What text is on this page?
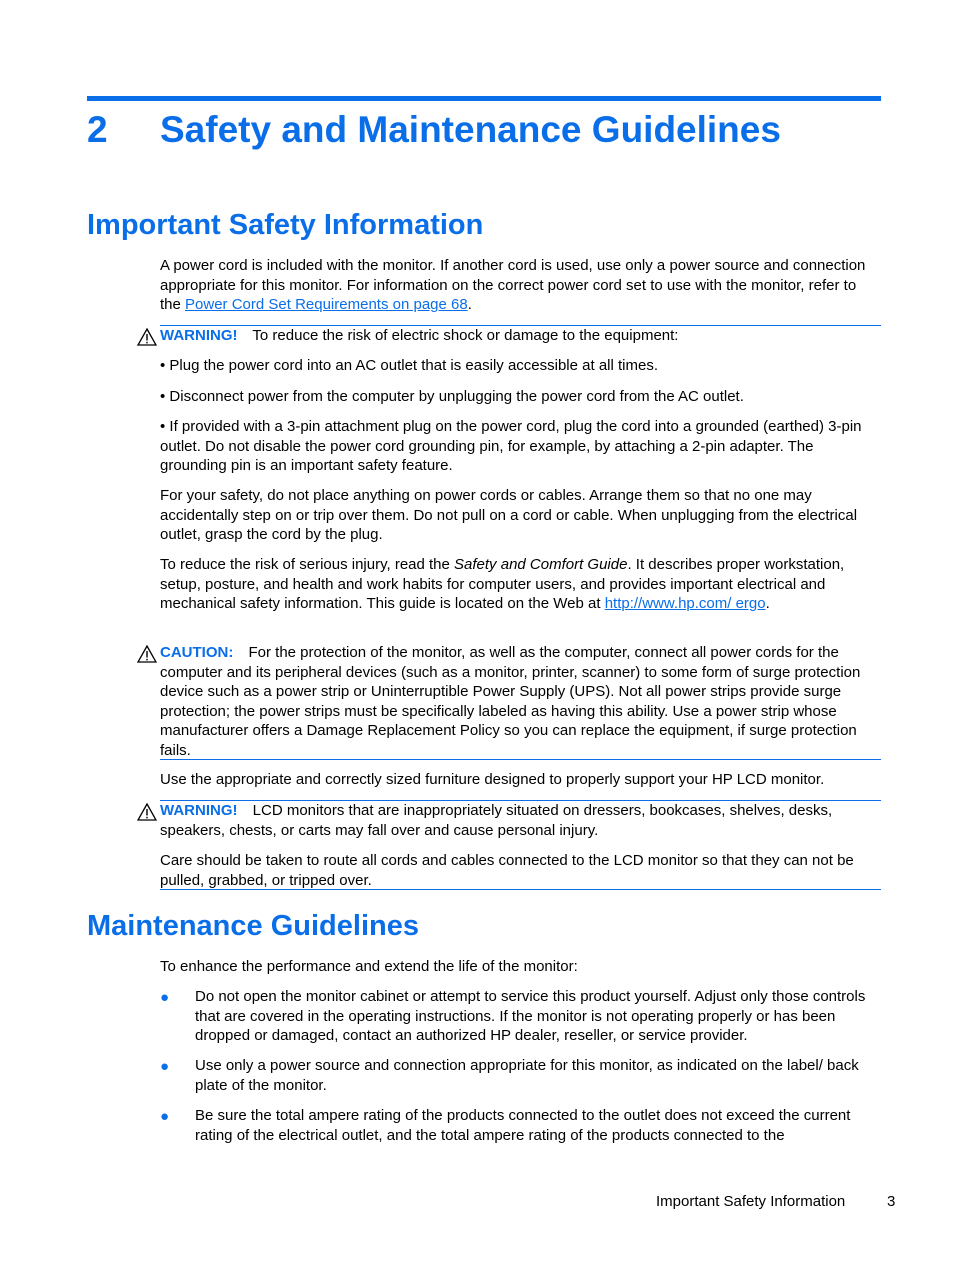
2 Safety and Maintenance Guidelines
Important Safety Information

A power cord is included with the monitor. If another cord is used, use only a power source and connection appropriate for this monitor. For information on the correct power cord set to use with the monitor, refer to the Power Cord Set Requirements on page 68.

WARNING! To reduce the risk of electric shock or damage to the equipment:

• Plug the power cord into an AC outlet that is easily accessible at all times.

• Disconnect power from the computer by unplugging the power cord from the AC outlet.

• If provided with a 3-pin attachment plug on the power cord, plug the cord into a grounded (earthed) 3-pin outlet. Do not disable the power cord grounding pin, for example, by attaching a 2-pin adapter. The grounding pin is an important safety feature.

For your safety, do not place anything on power cords or cables. Arrange them so that no one may accidentally step on or trip over them. Do not pull on a cord or cable. When unplugging from the electrical outlet, grasp the cord by the plug.

To reduce the risk of serious injury, read the Safety and Comfort Guide. It describes proper workstation, setup, posture, and health and work habits for computer users, and provides important electrical and mechanical safety information. This guide is located on the Web at http://www.hp.com/ ergo.

CAUTION: For the protection of the monitor, as well as the computer, connect all power cords for the computer and its peripheral devices (such as a monitor, printer, scanner) to some form of surge protection device such as a power strip or Uninterruptible Power Supply (UPS). Not all power strips provide surge protection; the power strips must be specifically labeled as having this ability. Use a power strip whose manufacturer offers a Damage Replacement Policy so you can replace the equipment, if surge protection fails.

Use the appropriate and correctly sized furniture designed to properly support your HP LCD monitor.

WARNING! LCD monitors that are inappropriately situated on dressers, bookcases, shelves, desks, speakers, chests, or carts may fall over and cause personal injury.

Care should be taken to route all cords and cables connected to the LCD monitor so that they can not be pulled, grabbed, or tripped over.

Maintenance Guidelines

To enhance the performance and extend the life of the monitor:

● Do not open the monitor cabinet or attempt to service this product yourself. Adjust only those controls that are covered in the operating instructions. If the monitor is not operating properly or has been dropped or damaged, contact an authorized HP dealer, reseller, or service provider.

● Use only a power source and connection appropriate for this monitor, as indicated on the label/ back plate of the monitor.

● Be sure the total ampere rating of the products connected to the outlet does not exceed the current rating of the electrical outlet, and the total ampere rating of the products connected to the

Important Safety Information	3
